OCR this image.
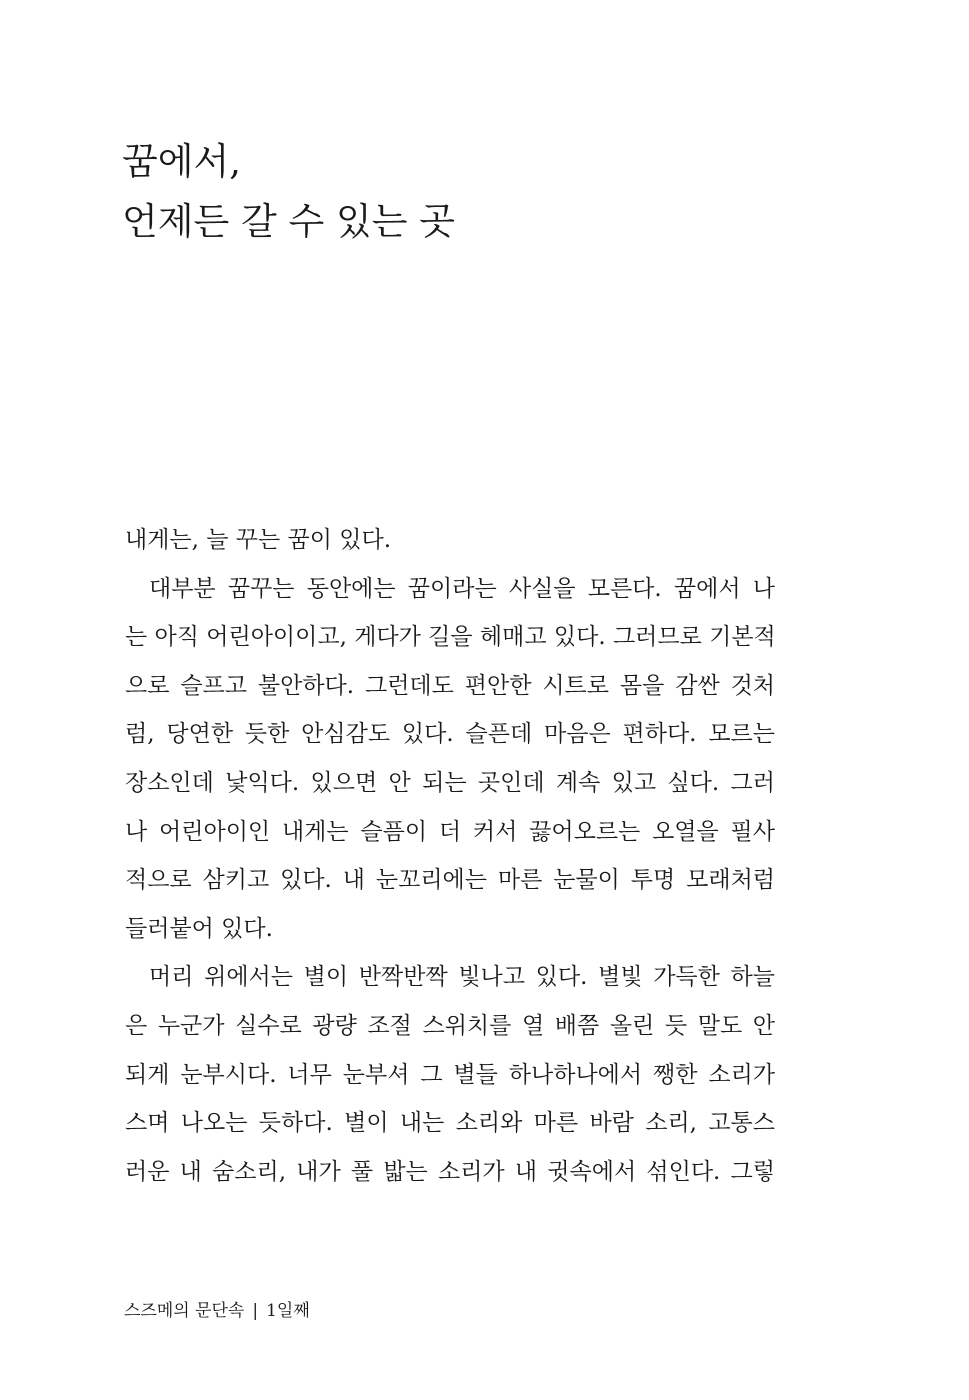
꿈에서,
언제든 갈 수 있는 곳
내게는, 늘 꾸는 꿈이 있다.
대부분 꿈꾸는 동안에는 꿈이라는 사실을 모른다. 꿈에서 나
는 아직 어린아이이고, 게다가 길을 헤매고 있다. 그러므로 기본적
으로 슬프고 불안하다. 그런데도 편안한 시트로 몸을 감싼 것처
럼, 당연한 듯한 안심감도 있다. 슬픈데 마음은 편하다. 모르는
장소인데 낯익다. 있으면 안 되는 곳인데 계속 있고 싶다. 그러
나 어린아이인 내게는 슬픔이 더 커서 끓어오르는 오열을 필사
적으로 삼키고 있다. 내 눈꼬리에는 마른 눈물이 투명 모래처럼
들러붙어 있다.
머리 위에서는 별이 반짝반짝 빛나고 있다. 별빛 가득한 하늘
은 누군가 실수로 광량 조절 스위치를 열 배쯤 올린 듯 말도 안
되게 눈부시다. 너무 눈부셔 그 별들 하나하나에서 쨍한 소리가
스며 나오는 듯하다. 별이 내는 소리와 마른 바람 소리, 고통스
러운 내 숨소리, 내가 풀 밟는 소리가 내 귓속에서 섞인다. 그렇
스즈메의 문단속 | 1일째
